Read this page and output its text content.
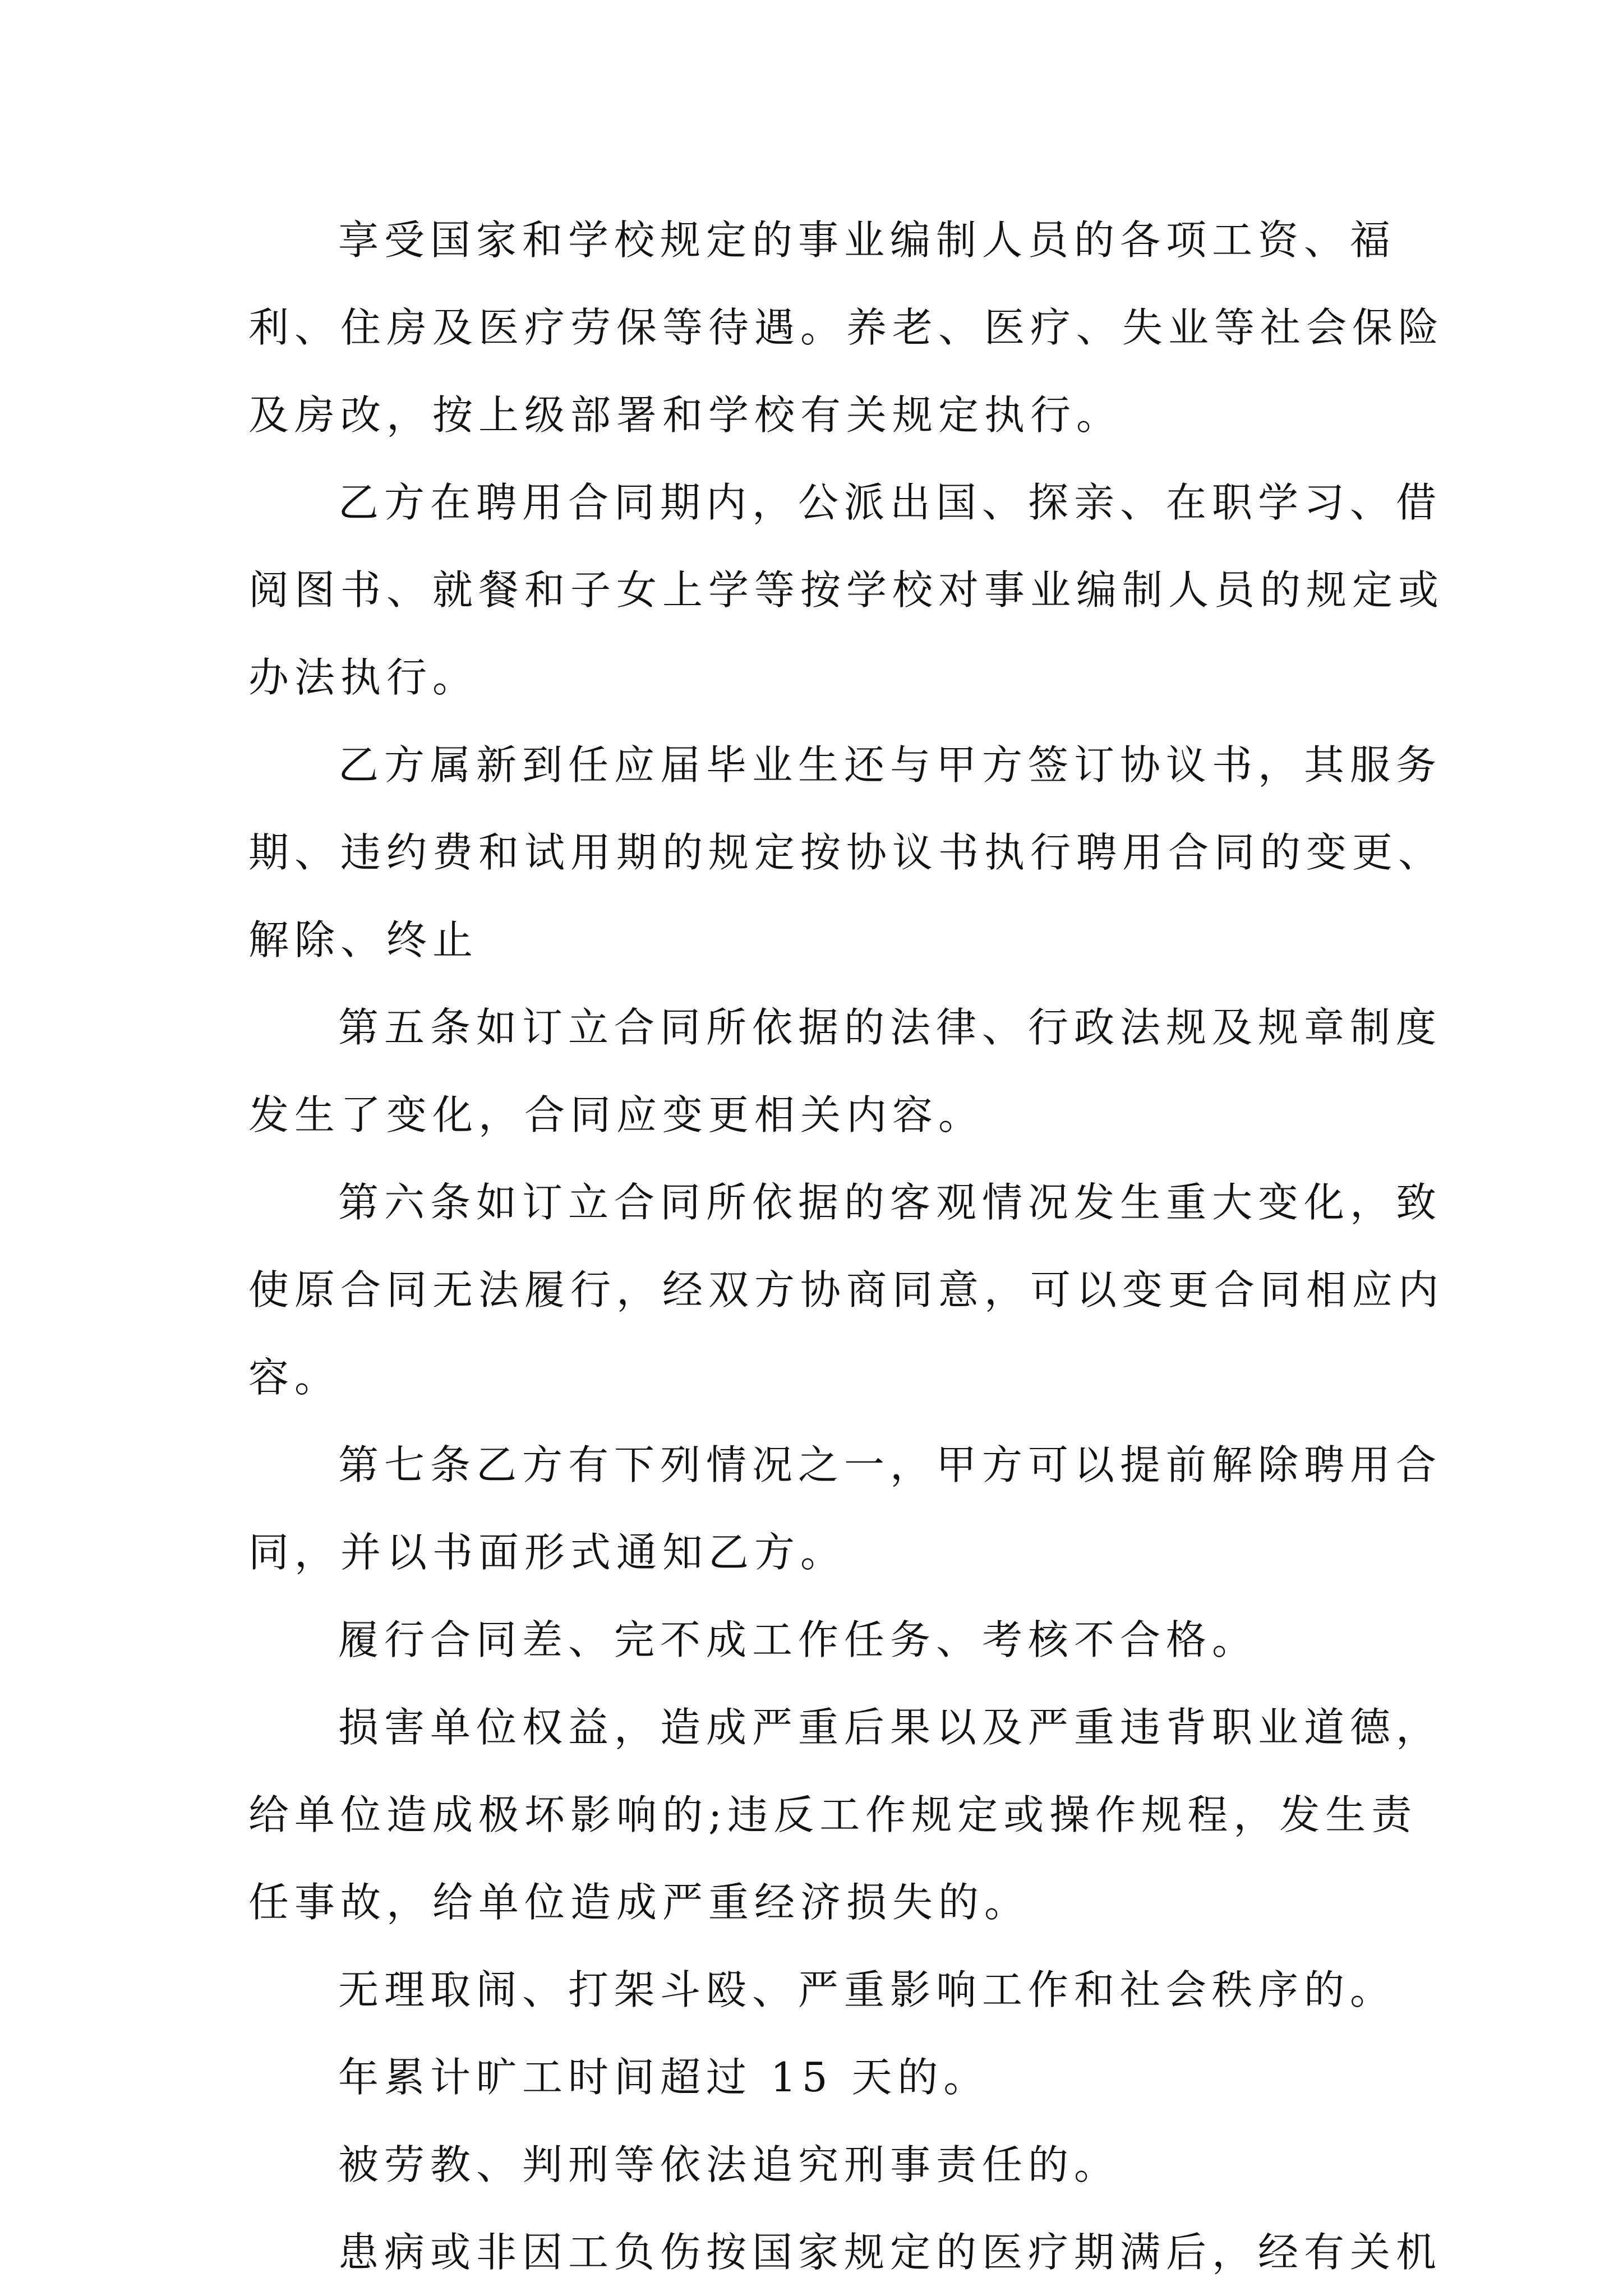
享受国家和学校规定的事业编制人员的各项工资、福利、住房及医疗劳保等待遇。养老、医疗、失业等社会保险及房改，按上级部署和学校有关规定执行。

乙方在聘用合同期内，公派出国、探亲、在职学习、借阅图书、就餐和子女上学等按学校对事业编制人员的规定或办法执行。

乙方属新到任应届毕业生还与甲方签订协议书，其服务期、违约费和试用期的规定按协议书执行聘用合同的变更、解除、终止

第五条如订立合同所依据的法律、行政法规及规章制度发生了变化，合同应变更相关内容。

第六条如订立合同所依据的客观情况发生重大变化，致使原合同无法履行，经双方协商同意，可以变更合同相应内容。

第七条乙方有下列情况之一，甲方可以提前解除聘用合同，并以书面形式通知乙方。

履行合同差、完不成工作任务、考核不合格。

损害单位权益，造成严重后果以及严重违背职业道德，给单位造成极坏影响的;违反工作规定或操作规程，发生责任事故，给单位造成严重经济损失的。

无理取闹、打架斗殴、严重影响工作和社会秩序的。

年累计旷工时间超过 15 天的。

被劳教、判刑等依法追究刑事责任的。

患病或非因工负伤按国家规定的医疗期满后，经有关机
